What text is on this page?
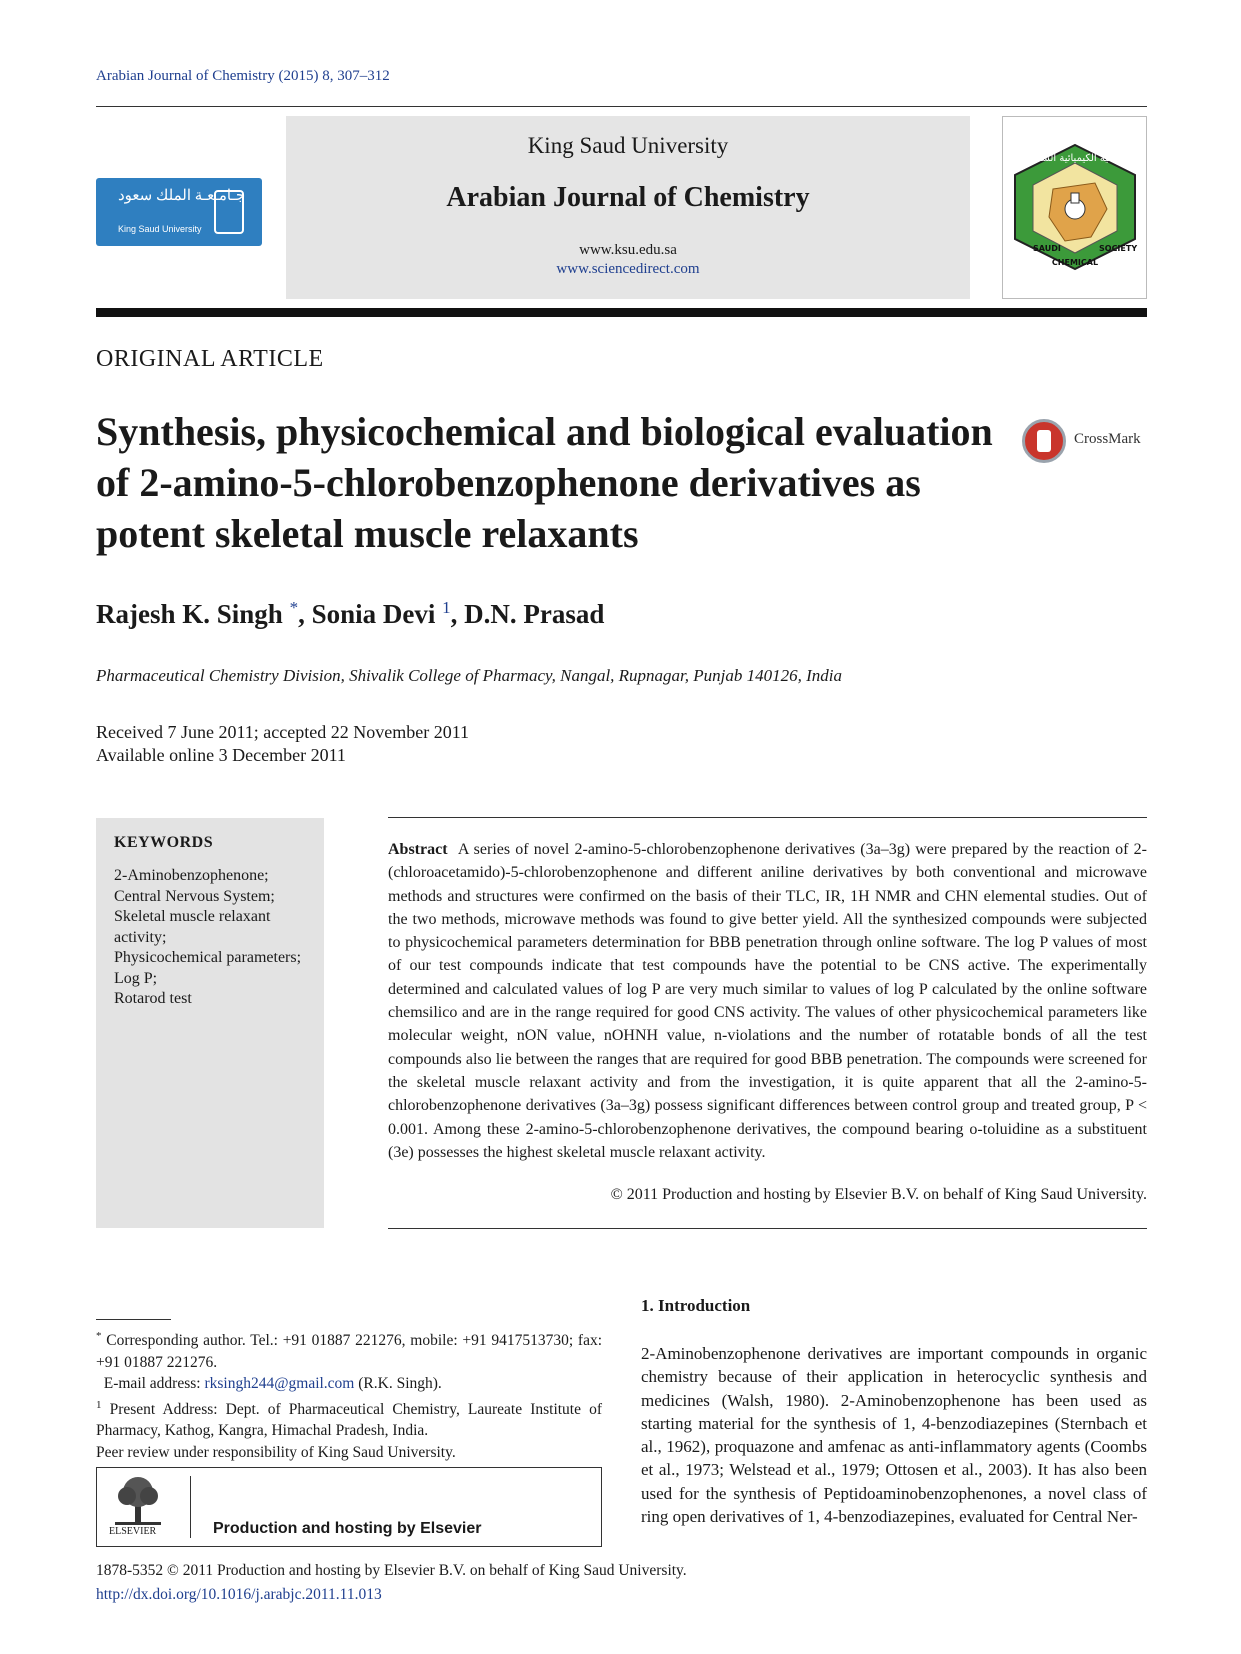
Arabian Journal of Chemistry (2015) 8, 307–312
جـامـعـة الملك سعود
King Saud University
King Saud University
Arabian Journal of Chemistry
www.ksu.edu.sa
www.sciencedirect.com
الجمعية الكيميائية السعودية
SAUDI
CHEMICAL
SOCIETY
ORIGINAL ARTICLE
Synthesis, physicochemical and biological evaluation of 2-amino-5-chlorobenzophenone derivatives as potent skeletal muscle relaxants
CrossMark
Rajesh K. Singh *, Sonia Devi $^1$, D.N. Prasad
Pharmaceutical Chemistry Division, Shivalik College of Pharmacy, Nangal, Rupnagar, Punjab 140126, India
Received 7 June 2011; accepted 22 November 2011
Available online 3 December 2011
KEYWORDS
2-Aminobenzophenone;
Central Nervous System;
Skeletal muscle relaxant activity;
Physicochemical parameters;
Log P;
Rotarod test
Abstract A series of novel 2-amino-5-chlorobenzophenone derivatives (3a–3g) were prepared by the reaction of 2-(chloroacetamido)-5-chlorobenzophenone and different aniline derivatives by both conventional and microwave methods and structures were confirmed on the basis of their TLC, IR, 1H NMR and CHN elemental studies. Out of the two methods, microwave methods was found to give better yield. All the synthesized compounds were subjected to physicochemical parameters determination for BBB penetration through online software. The log P values of most of our test compounds indicate that test compounds have the potential to be CNS active. The experimentally determined and calculated values of log P are very much similar to values of log P calculated by the online software chemsilico and are in the range required for good CNS activity. The values of other physicochemical parameters like molecular weight, nON value, nOHNH value, n-violations and the number of rotatable bonds of all the test compounds also lie between the ranges that are required for good BBB penetration. The compounds were screened for the skeletal muscle relaxant activity and from the investigation, it is quite apparent that all the 2-amino-5-chlorobenzophenone derivatives (3a–3g) possess significant differences between control group and treated group, P < 0.001. Among these 2-amino-5-chlorobenzophenone derivatives, the compound bearing o-toluidine as a substituent (3e) possesses the highest skeletal muscle relaxant activity.
© 2011 Production and hosting by Elsevier B.V. on behalf of King Saud University.

* Corresponding author. Tel.: +91 01887 221276, mobile: +91 9417513730; fax: +91 01887 221276.

E-mail address: rksingh244@gmail.com (R.K. Singh).

$^1$ Present Address: Dept. of Pharmaceutical Chemistry, Laureate Institute of Pharmacy, Kathog, Kangra, Himachal Pradesh, India.

Peer review under responsibility of King Saud University.

ELSEVIER	Production and hosting by Elsevier
1. Introduction
2-Aminobenzophenone derivatives are important compounds in organic chemistry because of their application in heterocyclic synthesis and medicines (Walsh, 1980). 2-Aminobenzophenone has been used as starting material for the synthesis of 1, 4-benzodiazepines (Sternbach et al., 1962), proquazone and amfenac as anti-inflammatory agents (Coombs et al., 1973; Welstead et al., 1979; Ottosen et al., 2003). It has also been used for the synthesis of Peptidoaminobenzophenones, a novel class of ring open derivatives of 1, 4-benzodiazepines, evaluated for Central Ner-
1878-5352 © 2011 Production and hosting by Elsevier B.V. on behalf of King Saud University.
http://dx.doi.org/10.1016/j.arabjc.2011.11.013
